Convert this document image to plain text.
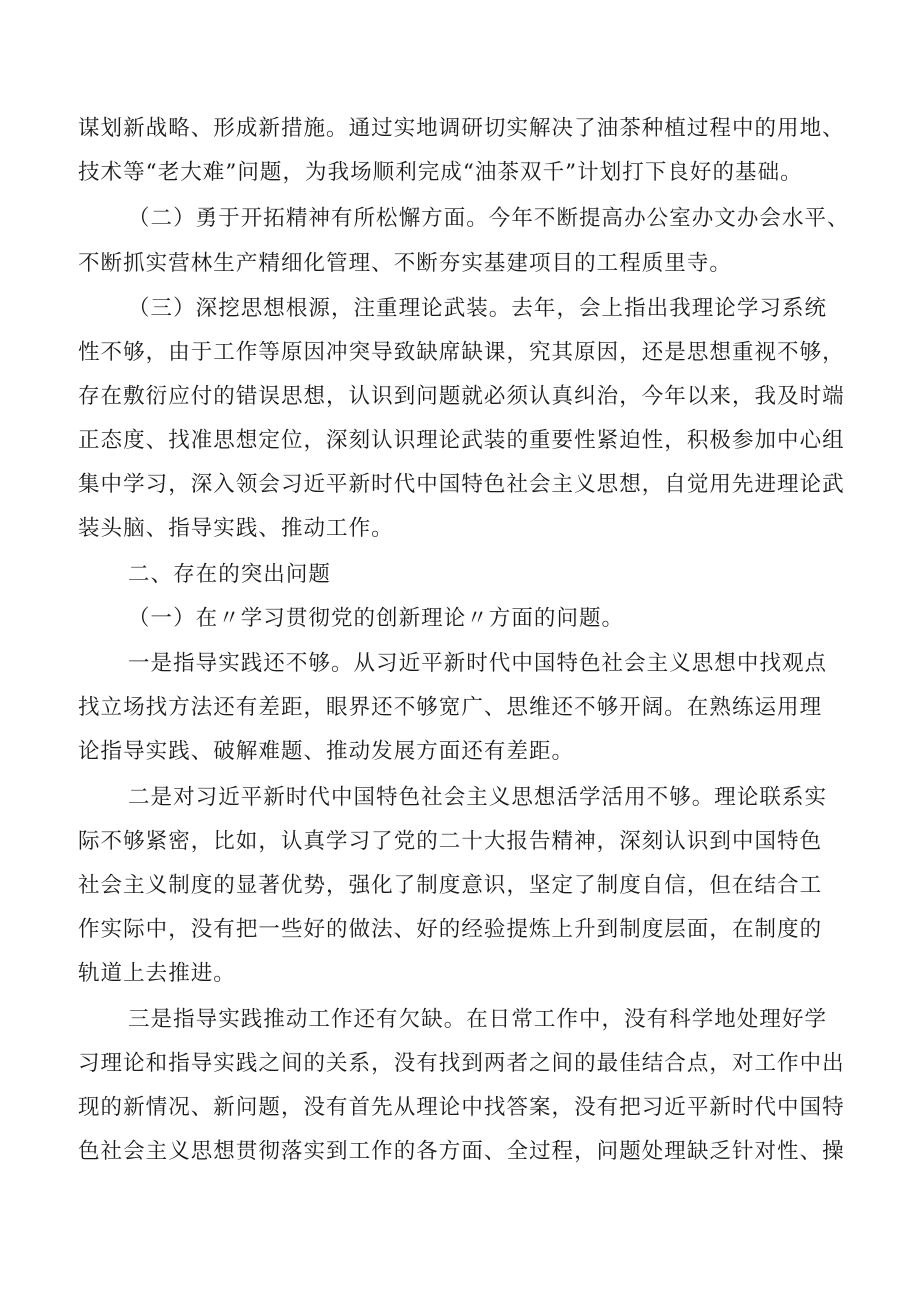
谋划新战略、形成新措施。通过实地调研切实解决了油茶种植过程中的用地、
技术等“老大难”问题，为我场顺利完成“油茶双千”计划打下良好的基础。
（二）勇于开拓精神有所松懈方面。今年不断提高办公室办文办会水平、
不断抓实营林生产精细化管理、不断夯实基建项目的工程质里寺。
（三）深挖思想根源，注重理论武装。去年，会上指出我理论学习系统
性不够，由于工作等原因冲突导致缺席缺课，究其原因，还是思想重视不够，
存在敷衍应付的错误思想，认识到问题就必须认真纠治，今年以来，我及时端
正态度、找准思想定位，深刻认识理论武装的重要性紧迫性，积极参加中心组
集中学习，深入领会习近平新时代中国特色社会主义思想，自觉用先进理论武
装头脑、指导实践、推动工作。
二、存在的突出问题
（一）在〃学习贯彻党的创新理论〃方面的问题。
一是指导实践还不够。从习近平新时代中国特色社会主义思想中找观点
找立场找方法还有差距，眼界还不够宽广、思维还不够开阔。在熟练运用理
论指导实践、破解难题、推动发展方面还有差距。
二是对习近平新时代中国特色社会主义思想活学活用不够。理论联系实
际不够紧密，比如，认真学习了党的二十大报告精神，深刻认识到中国特色
社会主义制度的显著优势，强化了制度意识，坚定了制度自信，但在结合工
作实际中，没有把一些好的做法、好的经验提炼上升到制度层面，在制度的
轨道上去推进。
三是指导实践推动工作还有欠缺。在日常工作中，没有科学地处理好学
习理论和指导实践之间的关系，没有找到两者之间的最佳结合点，对工作中出
现的新情况、新问题，没有首先从理论中找答案，没有把习近平新时代中国特
色社会主义思想贯彻落实到工作的各方面、全过程，问题处理缺乏针对性、操
